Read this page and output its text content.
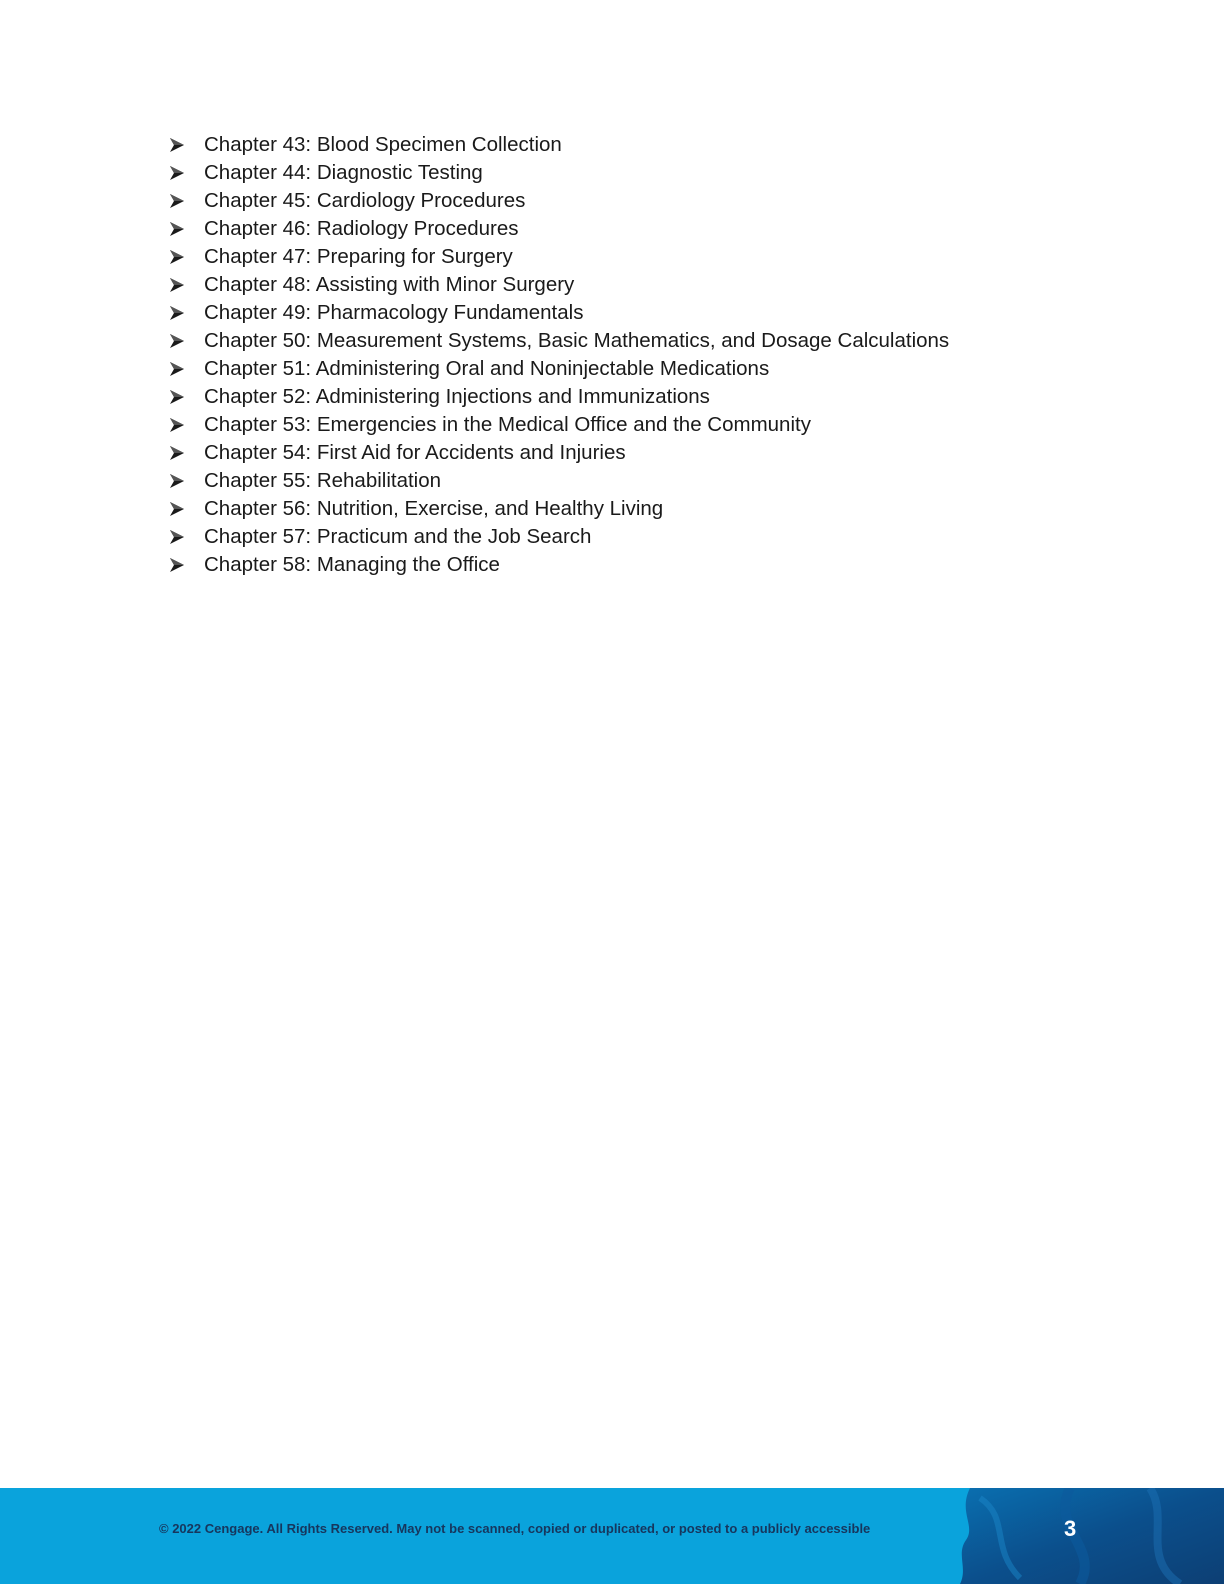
Chapter 43: Blood Specimen Collection
Chapter 44: Diagnostic Testing
Chapter 45: Cardiology Procedures
Chapter 46: Radiology Procedures
Chapter 47: Preparing for Surgery
Chapter 48: Assisting with Minor Surgery
Chapter 49: Pharmacology Fundamentals
Chapter 50: Measurement Systems, Basic Mathematics, and Dosage Calculations
Chapter 51: Administering Oral and Noninjectable Medications
Chapter 52: Administering Injections and Immunizations
Chapter 53: Emergencies in the Medical Office and the Community
Chapter 54: First Aid for Accidents and Injuries
Chapter 55: Rehabilitation
Chapter 56: Nutrition, Exercise, and Healthy Living
Chapter 57: Practicum and the Job Search
Chapter 58: Managing the Office
© 2022 Cengage. All Rights Reserved. May not be scanned, copied or duplicated, or posted to a publicly accessible	3
